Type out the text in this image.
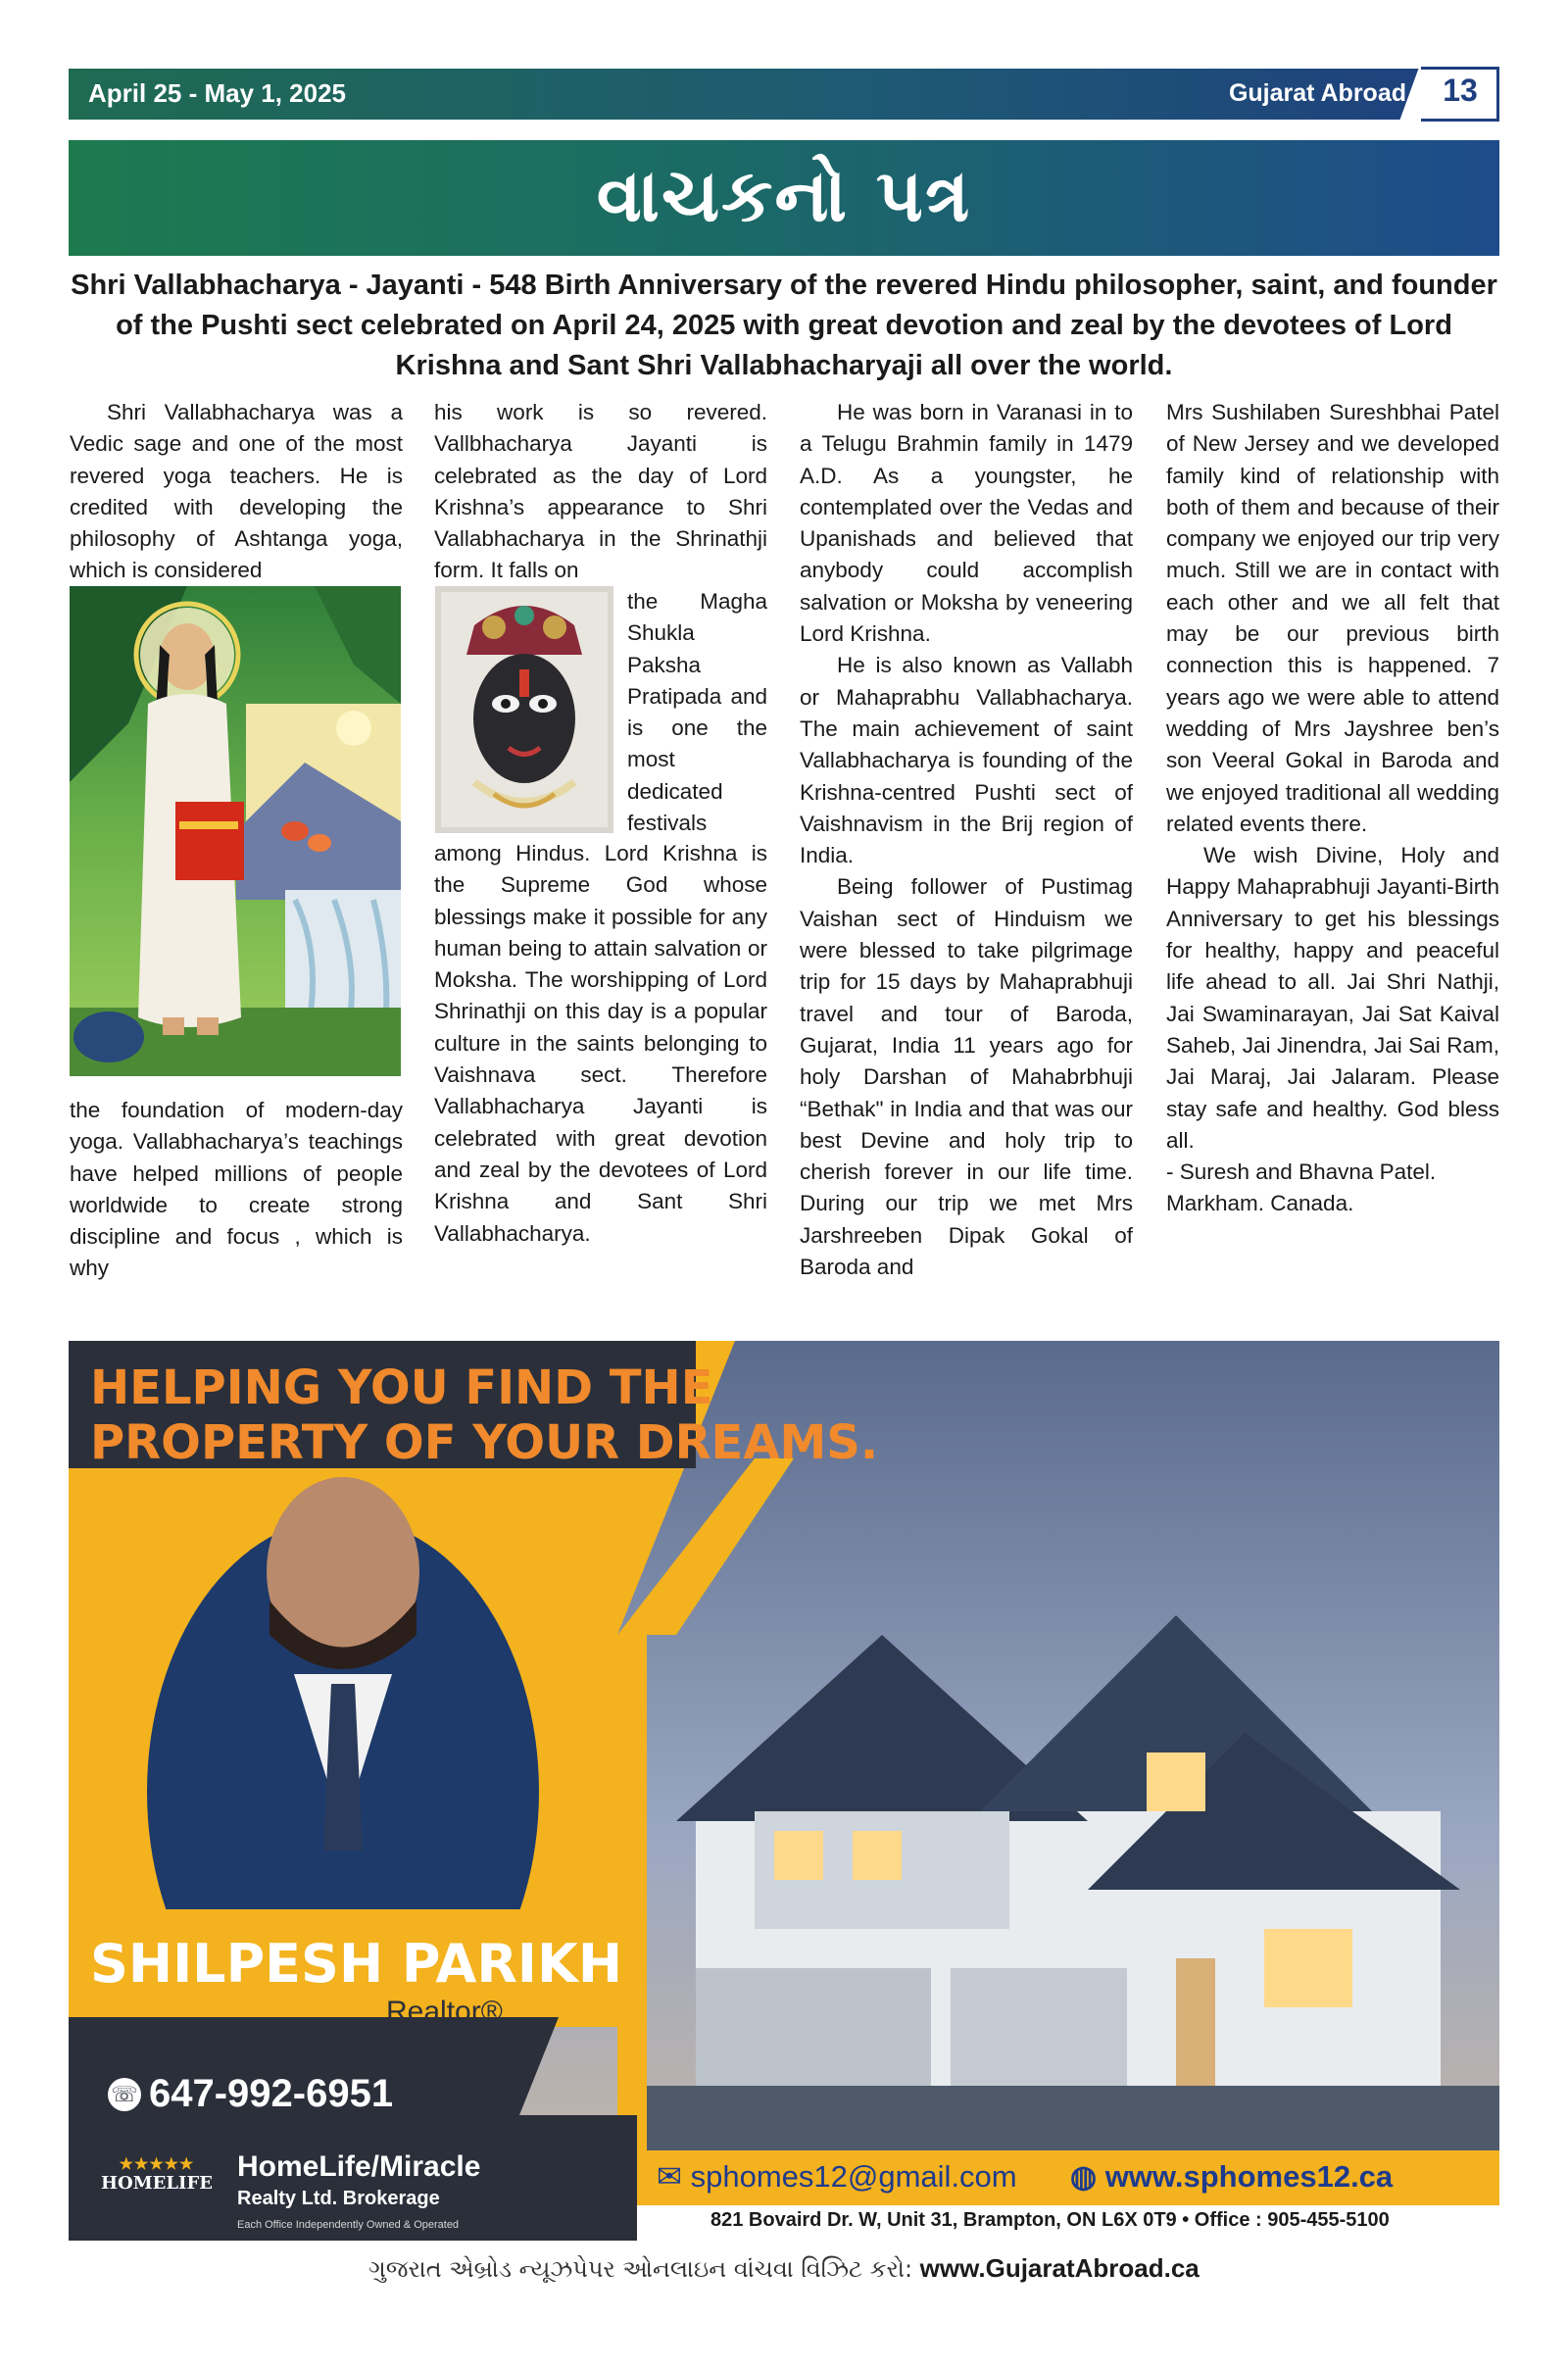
April 25 - May 1, 2025	Gujarat Abroad	13
વાચકનો પત્ર
Shri Vallabhacharya - Jayanti - 548 Birth Anniversary of the revered Hindu philosopher, saint, and founder of the Pushti sect celebrated on April 24, 2025 with great devotion and zeal by the devotees of Lord Krishna and Sant Shri Vallabhacharyaji all over the world.

Shri Vallabhacharya was a Vedic sage and one of the most revered yoga teachers. He is credited with developing the philosophy of Ashtanga yoga, which is considered

the foundation of modern-day yoga. Vallabhacharya’s teachings have helped millions of people worldwide to create strong discipline and focus , which is why

his work is so revered. Vallbhacharya Jayanti is celebrated as the day of Lord Krishna’s appearance to Shri Vallabhacharya in the Shrinathji form. It falls on

the Magha Shukla Paksha Pratipada and is one the most dedicated festivals

among Hindus. Lord Krishna is the Supreme God whose blessings make it possible for any human being to attain salvation or Moksha. The worshipping of Lord Shrinathji on this day is a popular culture in the saints belonging to Vaishnava sect. Therefore Vallabhacharya Jayanti is celebrated with great devotion and zeal by the devotees of Lord Krishna and Sant Shri Vallabhacharya.

He was born in Varanasi in to a Telugu Brahmin family in 1479 A.D. As a youngster, he contemplated over the Vedas and Upanishads and believed that anybody could accomplish salvation or Moksha by veneering Lord Krishna.

He is also known as Vallabh or Mahaprabhu Vallabhacharya. The main achievement of saint Vallabhacharya is founding of the Krishna-centred Pushti sect of Vaishnavism in the Brij region of India.

Being follower of Pustimag Vaishan sect of Hinduism we were blessed to take pilgrimage trip for 15 days by Mahaprabhuji travel and tour of Baroda, Gujarat, India 11 years ago for holy Darshan of Mahabrbhuji “Bethak" in India and that was our best Devine and holy trip to cherish forever in our life time. During our trip we met Mrs Jarshreeben Dipak Gokal of Baroda and

Mrs Sushilaben Sureshbhai Patel of New Jersey and we developed family kind of relationship with both of them and because of their company we enjoyed our trip very much. Still we are in contact with each other and we all felt that may be our previous birth connection this is happened. 7 years ago we were able to attend wedding of Mrs Jayshree ben’s son Veeral Gokal in Baroda and we enjoyed traditional all wedding related events there.

We wish Divine, Holy and Happy Mahaprabhuji Jayanti-Birth Anniversary to get his blessings for healthy, happy and peaceful life ahead to all. Jai Shri Nathji, Jai Swaminarayan, Jai Sat Kaival Saheb, Jai Jinendra, Jai Sai Ram, Jai Maraj, Jai Jalaram. Please stay safe and healthy. God bless all.

- Suresh and Bhavna Patel.

Markham. Canada.

HELPING YOU FIND THE
PROPERTY OF YOUR DREAMS.
SHILPESH PARIKH
Realtor®
☏ 647-992-6951
★★★★★
HOMELIFE
HomeLife/Miracle
Realty Ltd. Brokerage
Each Office Independently Owned & Operated
✉ sphomes12@gmail.com ◍ www.sphomes12.ca
821 Bovaird Dr. W, Unit 31, Brampton, ON L6X 0T9 • Office : 905-455-5100
ગુજરાત એબ્રોડ ન્યૂઝપેપર ઓનલાઇન વાંચવા વિઝિટ કરો: www.GujaratAbroad.ca
